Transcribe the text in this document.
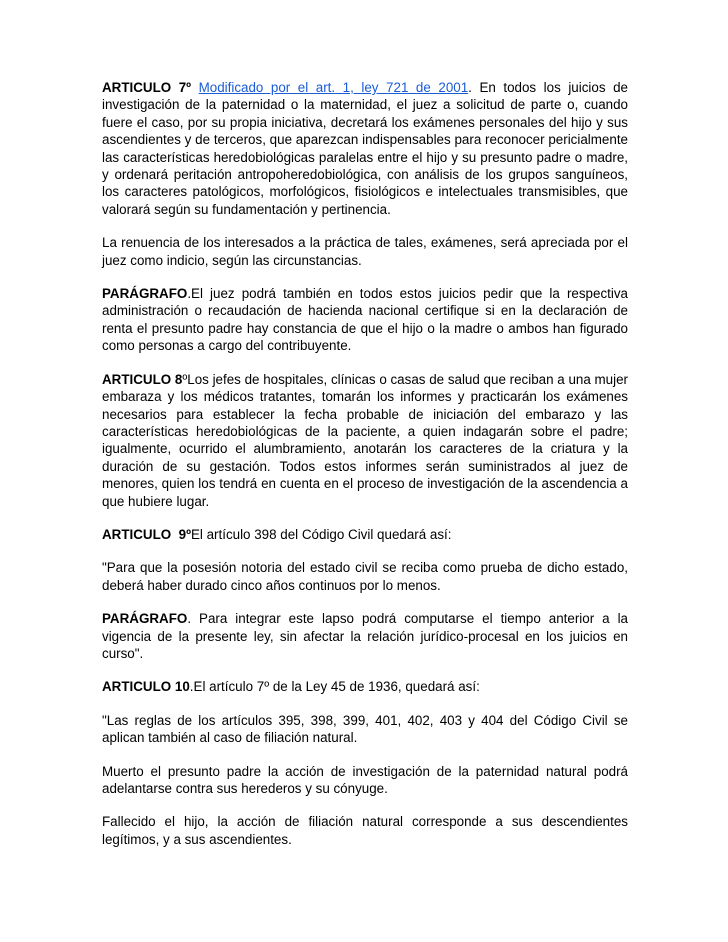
ARTICULO 7º Modificado por el art. 1, ley 721 de 2001. En todos los juicios de investigación de la paternidad o la maternidad, el juez a solicitud de parte o, cuando fuere el caso, por su propia iniciativa, decretará los exámenes personales del hijo y sus ascendientes y de terceros, que aparezcan indispensables para reconocer pericialmente las características heredobiológicas paralelas entre el hijo y su presunto padre o madre, y ordenará peritación antropoheredobiológica, con análisis de los grupos sanguíneos, los caracteres patológicos, morfológicos, fisiológicos e intelectuales transmisibles, que valorará según su fundamentación y pertinencia.

La renuencia de los interesados a la práctica de tales, exámenes, será apreciada por el juez como indicio, según las circunstancias.

PARÁGRAFO.El juez podrá también en todos estos juicios pedir que la respectiva administración o recaudación de hacienda nacional certifique si en la declaración de renta el presunto padre hay constancia de que el hijo o la madre o ambos han figurado como personas a cargo del contribuyente.

ARTICULO 8ºLos jefes de hospitales, clínicas o casas de salud que reciban a una mujer embaraza y los médicos tratantes, tomarán los informes y practicarán los exámenes necesarios para establecer la fecha probable de iniciación del embarazo y las características heredobiológicas de la paciente, a quien indagarán sobre el padre; igualmente, ocurrido el alumbramiento, anotarán los caracteres de la criatura y la duración de su gestación. Todos estos informes serán suministrados al juez de menores, quien los tendrá en cuenta en el proceso de investigación de la ascendencia a que hubiere lugar.

ARTICULO  9ºEl artículo 398 del Código Civil quedará así:

"Para que la posesión notoria del estado civil se reciba como prueba de dicho estado, deberá haber durado cinco años continuos por lo menos.

PARÁGRAFO. Para integrar este lapso podrá computarse el tiempo anterior a la vigencia de la presente ley, sin afectar la relación jurídico-procesal en los juicios en curso".

ARTICULO 10.El artículo 7º de la Ley 45 de 1936, quedará así:

"Las reglas de los artículos 395, 398, 399, 401, 402, 403 y 404 del Código Civil se aplican también al caso de filiación natural.

Muerto el presunto padre la acción de investigación de la paternidad natural podrá adelantarse contra sus herederos y su cónyuge.

Fallecido el hijo, la acción de filiación natural corresponde a sus descendientes legítimos, y a sus ascendientes.
